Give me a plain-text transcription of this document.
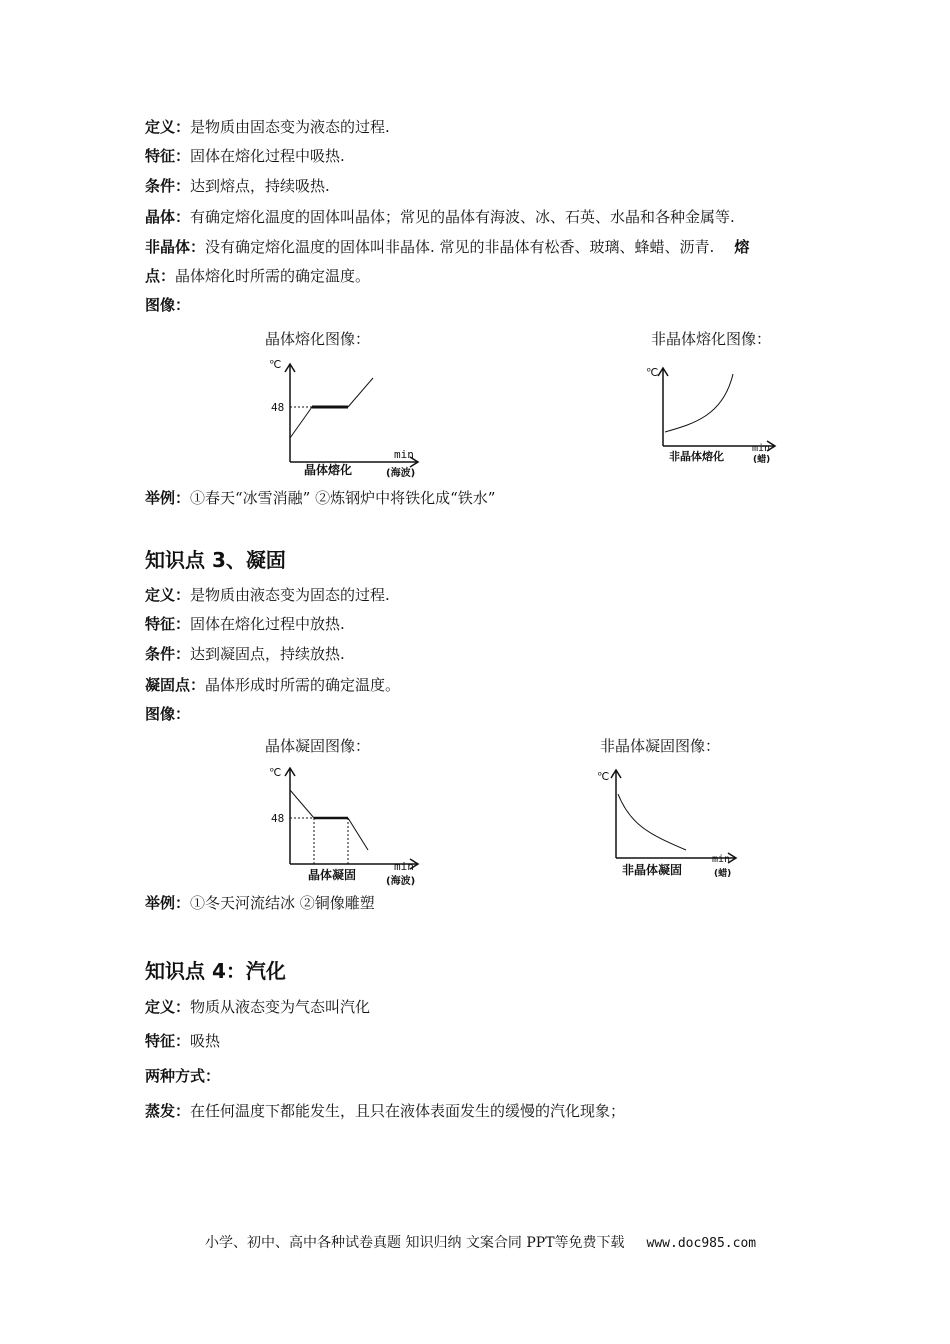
定义：是物质由固态变为液态的过程.
特征：固体在熔化过程中吸热.
条件：达到熔点，持续吸热.
晶体：有确定熔化温度的固体叫晶体；常见的晶体有海波、冰、石英、水晶和各种金属等.
非晶体：没有确定熔化温度的固体叫非晶体. 常见的非晶体有松香、玻璃、蜂蜡、沥青. 熔
点：晶体熔化时所需的确定温度。
图像：
晶体熔化图像：	非晶体熔化图像：
℃
48
min
晶体熔化	(海波)
℃
min
非晶体熔化	(蜡)
举例：①春天“冰雪消融” ②炼钢炉中将铁化成“铁水”
知识点 3、凝固
定义：是物质由液态变为固态的过程.
特征：固体在熔化过程中放热.
条件：达到凝固点，持续放热.
凝固点：晶体形成时所需的确定温度。
图像：
晶体凝固图像：	非晶体凝固图像：
℃
48
min
晶体凝固	(海波)
℃
min
非晶体凝固	(蜡)
举例：①冬天河流结冰 ②铜像雕塑
知识点 4：汽化
定义：物质从液态变为气态叫汽化
特征：吸热
两种方式：
蒸发：在任何温度下都能发生，且只在液体表面发生的缓慢的汽化现象；
小学、初中、高中各种试卷真题 知识归纳 文案合同 PPT等免费下载 www.doc985.com
